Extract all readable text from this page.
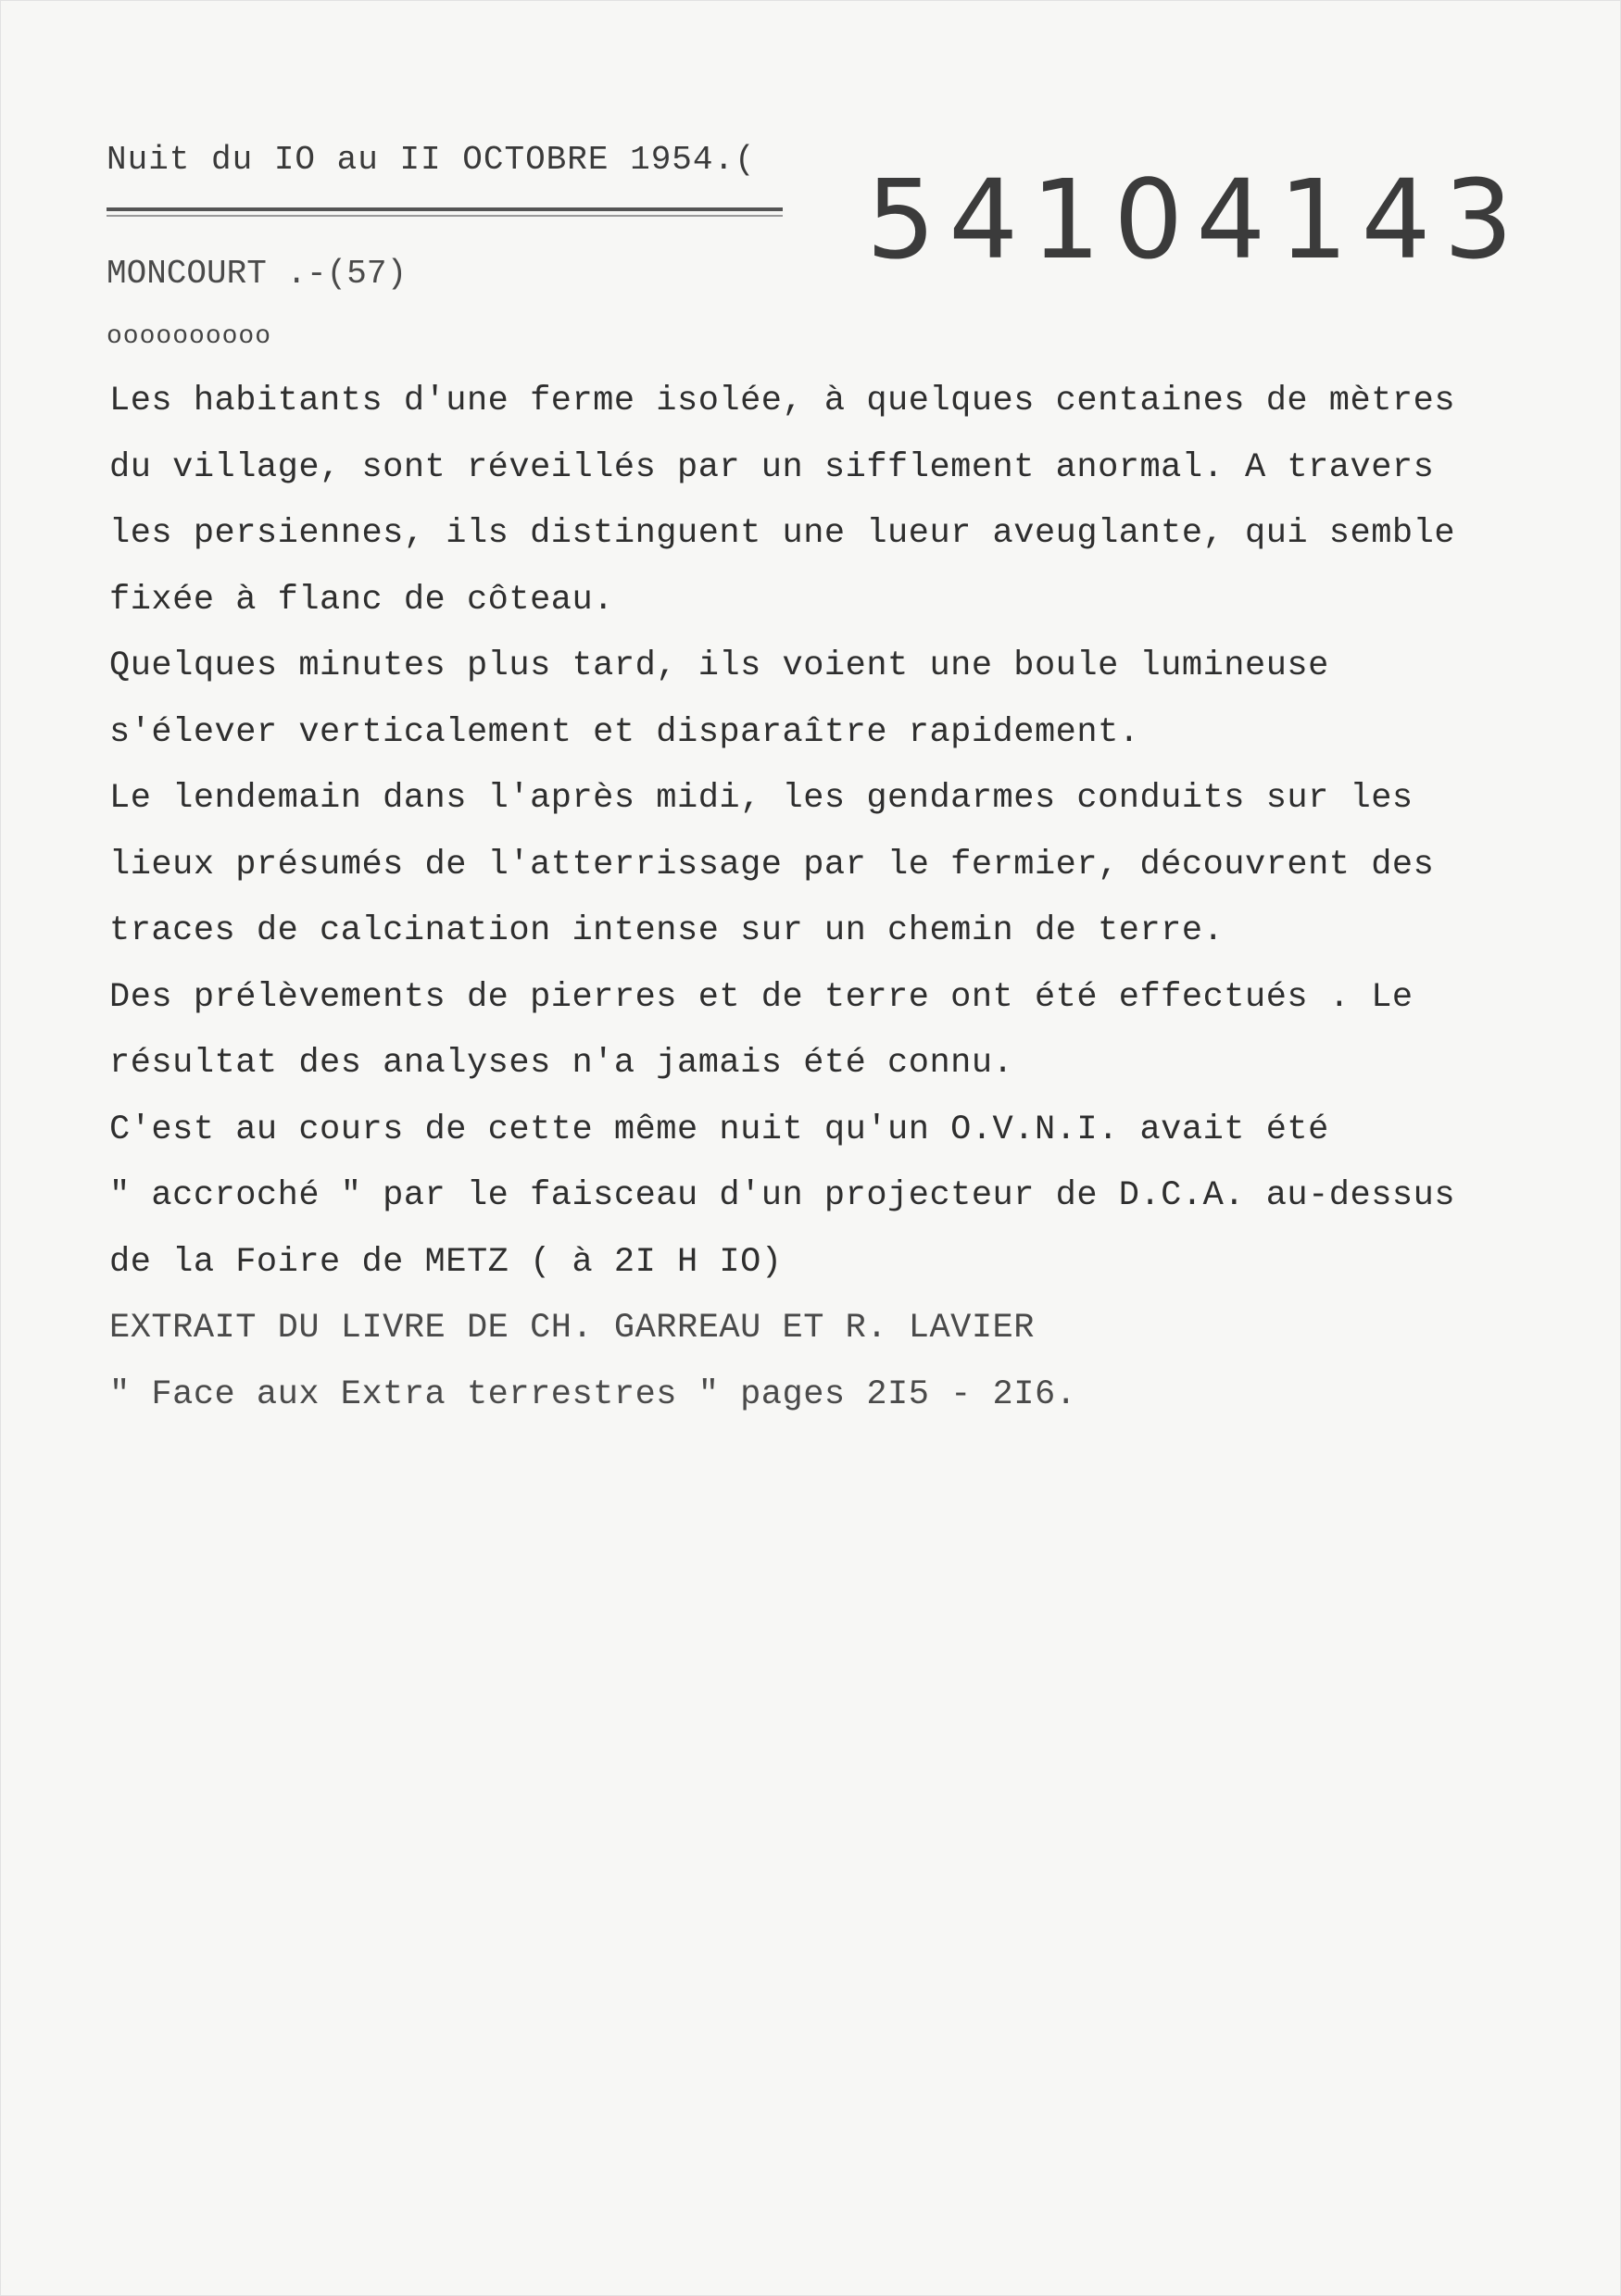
Nuit du IO au II OCTOBRE 1954.( 54104143
MONCOURT .-(57)
oooooooooo
Les habitants d'une ferme isolée, à quelques centaines de mètres
du village, sont réveillés par un sifflement anormal. A travers
les persiennes, ils distinguent une lueur aveuglante, qui semble
fixée à flanc de côteau.
Quelques minutes plus tard, ils voient une boule lumineuse
s'élever verticalement et disparaître rapidement.
Le lendemain dans l'après midi, les gendarmes conduits sur les
lieux présumés de l'atterrissage par le fermier, découvrent des
traces de calcination intense sur un chemin de terre.
Des prélèvements de pierres et de terre ont été effectués . Le
résultat des analyses n'a jamais été connu.
C'est au cours de cette même nuit qu'un O.V.N.I. avait été
" accroché " par le faisceau d'un projecteur de D.C.A. au-dessus
de la Foire de METZ ( à 2I H IO)
EXTRAIT DU LIVRE DE CH. GARREAU ET R. LAVIER
" Face aux Extra terrestres " pages 2I5 - 2I6.
